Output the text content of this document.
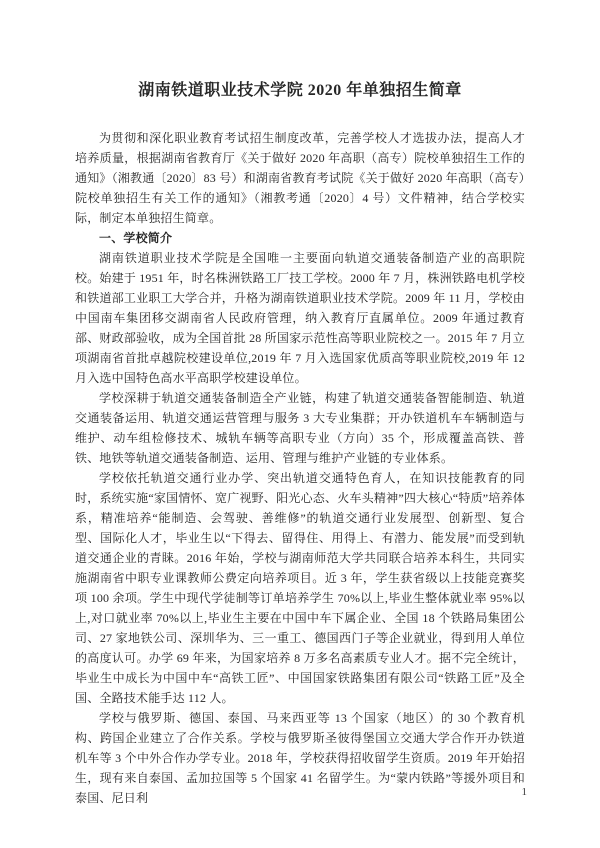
湖南铁道职业技术学院 2020 年单独招生简章

为贯彻和深化职业教育考试招生制度改革，完善学校人才选拔办法，提高人才培养质量，根据湖南省教育厅《关于做好 2020 年高职（高专）院校单独招生工作的通知》（湘教通〔2020〕83 号）和湖南省教育考试院《关于做好 2020 年高职（高专）院校单独招生有关工作的通知》（湘教考通〔2020〕4 号）文件精神，结合学校实际，制定本单独招生简章。

一、学校简介

湖南铁道职业技术学院是全国唯一主要面向轨道交通装备制造产业的高职院校。始建于 1951 年，时名株洲铁路工厂技工学校。2000 年 7 月，株洲铁路电机学校和铁道部工业职工大学合并，升格为湖南铁道职业技术学院。2009 年 11 月，学校由中国南车集团移交湖南省人民政府管理，纳入教育厅直属单位。2009 年通过教育部、财政部验收，成为全国首批 28 所国家示范性高等职业院校之一。2015 年 7 月立项湖南省首批卓越院校建设单位,2019 年 7 月入选国家优质高等职业院校,2019 年 12 月入选中国特色高水平高职学校建设单位。

学校深耕于轨道交通装备制造全产业链，构建了轨道交通装备智能制造、轨道交通装备运用、轨道交通运营管理与服务 3 大专业集群；开办铁道机车车辆制造与维护、动车组检修技术、城轨车辆等高职专业（方向）35 个，形成覆盖高铁、普铁、地铁等轨道交通装备制造、运用、管理与维护产业链的专业体系。

学校依托轨道交通行业办学、突出轨道交通特色育人，在知识技能教育的同时，系统实施“家国情怀、宽广视野、阳光心态、火车头精神”四大核心“特质”培养体系，精准培养“能制造、会驾驶、善维修”的轨道交通行业发展型、创新型、复合型、国际化人才，毕业生以“下得去、留得住、用得上、有潜力、能发展”而受到轨道交通企业的青睐。2016 年始，学校与湖南师范大学共同联合培养本科生，共同实施湖南省中职专业课教师公费定向培养项目。近 3 年，学生获省级以上技能竞赛奖项 100 余项。学生中现代学徒制等订单培养学生 70%以上,毕业生整体就业率 95%以上,对口就业率 70%以上,毕业生主要在中国中车下属企业、全国 18 个铁路局集团公司、27 家地铁公司、深圳华为、三一重工、德国西门子等企业就业，得到用人单位的高度认可。办学 69 年来，为国家培养 8 万多名高素质专业人才。据不完全统计，毕业生中成长为中国中车“高铁工匠”、中国国家铁路集团有限公司“铁路工匠”及全国、全路技术能手达 112 人。

学校与俄罗斯、德国、泰国、马来西亚等 13 个国家（地区）的 30 个教育机构、跨国企业建立了合作关系。学校与俄罗斯圣彼得堡国立交通大学合作开办铁道机车等 3 个中外合作办学专业。2018 年，学校获得招收留学生资质。2019 年开始招生，现有来自泰国、孟加拉国等 5 个国家 41 名留学生。为“蒙内铁路”等援外项目和泰国、尼日利	1
